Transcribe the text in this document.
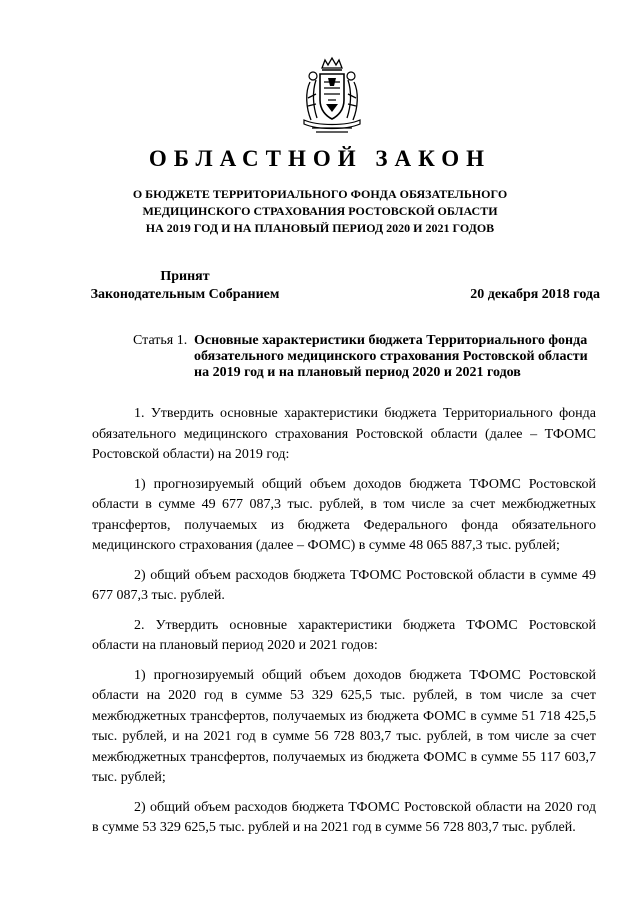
ОБЛАСТНОЙ ЗАКОН
О БЮДЖЕТЕ ТЕРРИТОРИАЛЬНОГО ФОНДА ОБЯЗАТЕЛЬНОГО
МЕДИЦИНСКОГО СТРАХОВАНИЯ РОСТОВСКОЙ ОБЛАСТИ
НА 2019 ГОД И НА ПЛАНОВЫЙ ПЕРИОД 2020 И 2021 ГОДОВ
Принят
Законодательным Собранием	20 декабря 2018 года
Статья 1. Основные характеристики бюджета Территориального фонда обязательного медицинского страхования Ростовской области на 2019 год и на плановый период 2020 и 2021 годов

1. Утвердить основные характеристики бюджета Территориального фонда обязательного медицинского страхования Ростовской области (далее – ТФОМС Ростовской области) на 2019 год:

1) прогнозируемый общий объем доходов бюджета ТФОМС Ростовской области в сумме 49 677 087,3 тыс. рублей, в том числе за счет межбюджетных трансфертов, получаемых из бюджета Федерального фонда обязательного медицинского страхования (далее – ФОМС) в сумме 48 065 887,3 тыс. рублей;

2) общий объем расходов бюджета ТФОМС Ростовской области в сумме 49 677 087,3 тыс. рублей.

2. Утвердить основные характеристики бюджета ТФОМС Ростовской области на плановый период 2020 и 2021 годов:

1) прогнозируемый общий объем доходов бюджета ТФОМС Ростовской области на 2020 год в сумме 53 329 625,5 тыс. рублей, в том числе за счет межбюджетных трансфертов, получаемых из бюджета ФОМС в сумме 51 718 425,5 тыс. рублей, и на 2021 год в сумме 56 728 803,7 тыс. рублей, в том числе за счет межбюджетных трансфертов, получаемых из бюджета ФОМС в сумме 55 117 603,7 тыс. рублей;

2) общий объем расходов бюджета ТФОМС Ростовской области на 2020 год в сумме 53 329 625,5 тыс. рублей и на 2021 год в сумме 56 728 803,7 тыс. рублей.
